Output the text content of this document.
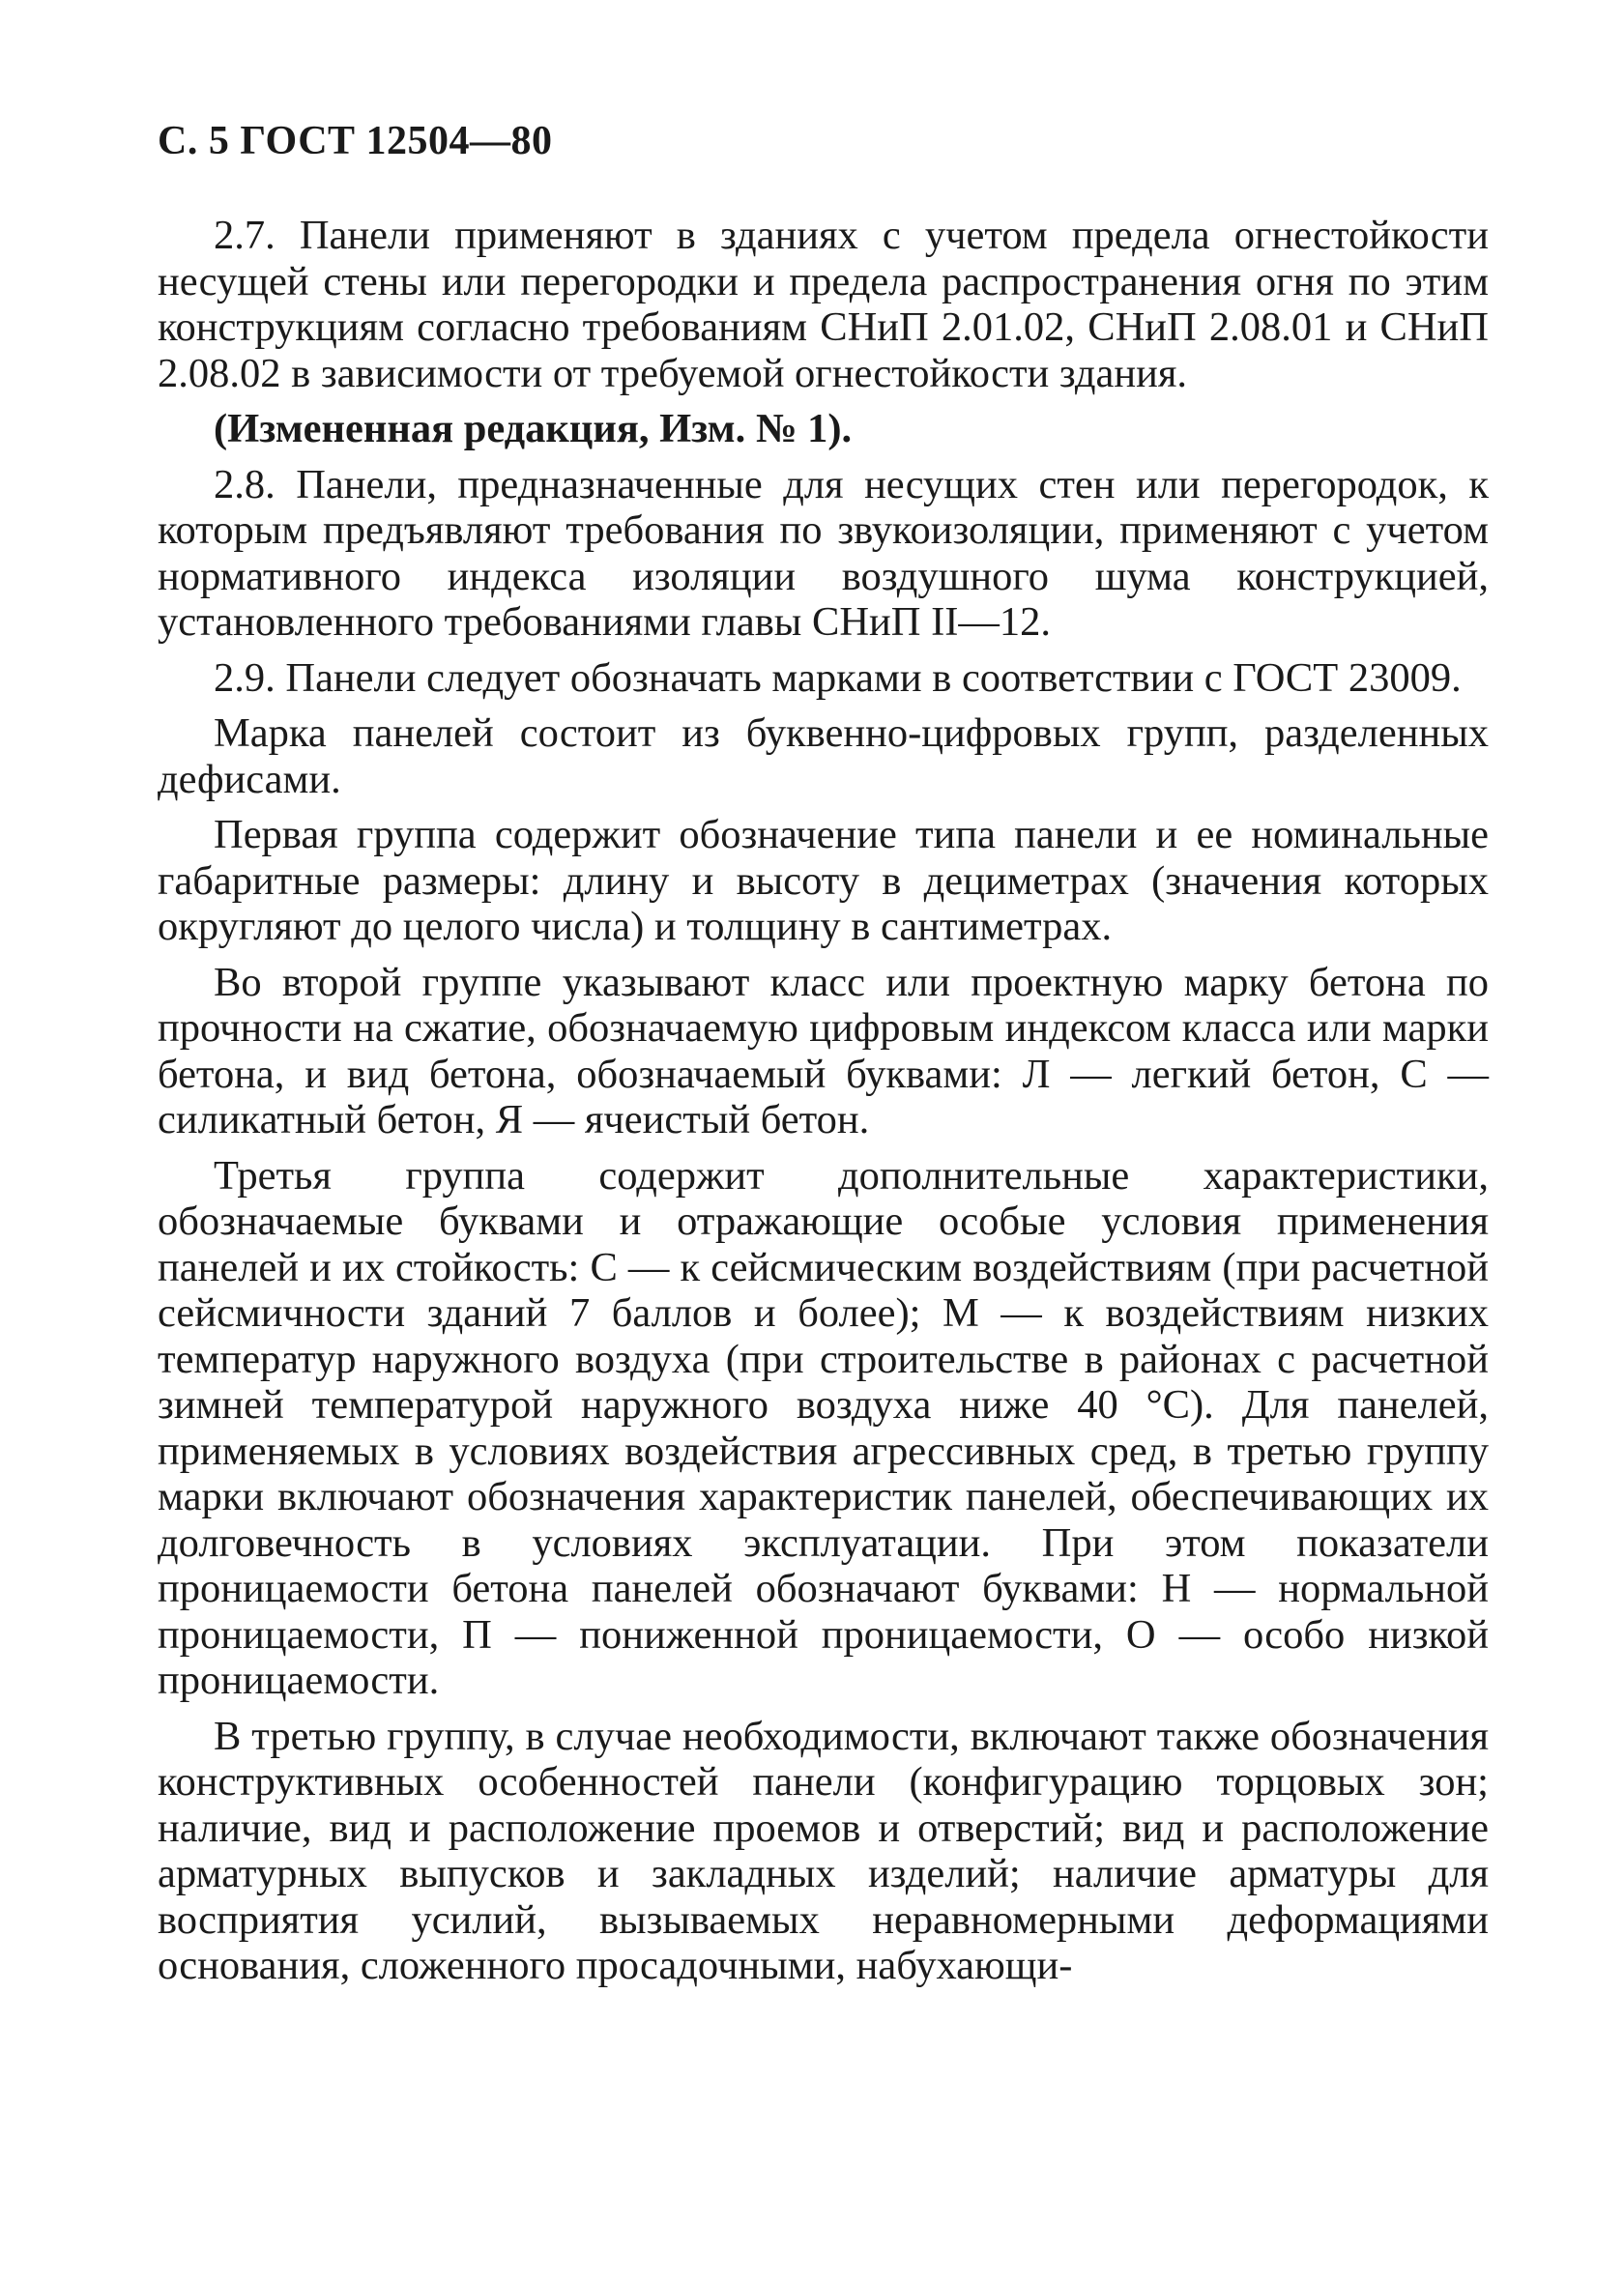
С. 5 ГОСТ 12504—80

2.7. Панели применяют в зданиях с учетом предела огнестойкости несущей стены или перегородки и предела распространения огня по этим конструкциям согласно требованиям СНиП 2.01.02, СНиП 2.08.01 и СНиП 2.08.02 в зависимости от требуемой огнестойкости здания.

(Измененная редакция, Изм. № 1).

2.8. Панели, предназначенные для несущих стен или перегородок, к которым предъявляют требования по звукоизоляции, применяют с учетом нормативного индекса изоляции воздушного шума конструкцией, установленного требованиями главы СНиП II—12.

2.9. Панели следует обозначать марками в соответствии с ГОСТ 23009.

Марка панелей состоит из буквенно-цифровых групп, разделенных дефисами.

Первая группа содержит обозначение типа панели и ее номинальные габаритные размеры: длину и высоту в дециметрах (значения которых округляют до целого числа) и толщину в сантиметрах.

Во второй группе указывают класс или проектную марку бетона по прочности на сжатие, обозначаемую цифровым индексом класса или марки бетона, и вид бетона, обозначаемый буквами: Л — легкий бетон, С — силикатный бетон, Я — ячеистый бетон.

Третья группа содержит дополнительные характеристики, обозначаемые буквами и отражающие особые условия применения панелей и их стойкость: С — к сейсмическим воздействиям (при расчетной сейсмичности зданий 7 баллов и более); М — к воздействиям низких температур наружного воздуха (при строительстве в районах с расчетной зимней температурой наружного воздуха ниже 40 °С). Для панелей, применяемых в условиях воздействия агрессивных сред, в третью группу марки включают обозначения характеристик панелей, обеспечивающих их долговечность в условиях эксплуатации. При этом показатели проницаемости бетона панелей обозначают буквами: Н — нормальной проницаемости, П — пониженной проницаемости, О — особо низкой проницаемости.

В третью группу, в случае необходимости, включают также обозначения конструктивных особенностей панели (конфигурацию торцовых зон; наличие, вид и расположение проемов и отверстий; вид и расположение арматурных выпусков и закладных изделий; наличие арматуры для восприятия усилий, вызываемых неравномерными деформациями основания, сложенного просадочными, набухающи-
